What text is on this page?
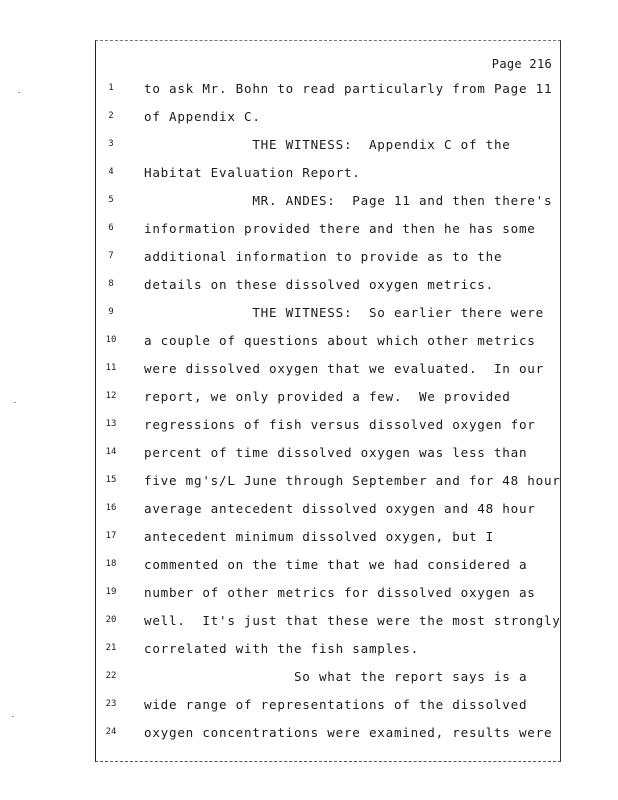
Page 216
1	to ask Mr. Bohn to read particularly from Page 11
2	of Appendix C.
3	THE WITNESS:  Appendix C of the
4	Habitat Evaluation Report.
5	MR. ANDES:  Page 11 and then there's
6	information provided there and then he has some
7	additional information to provide as to the
8	details on these dissolved oxygen metrics.
9	THE WITNESS:  So earlier there were
10	a couple of questions about which other metrics
11	were dissolved oxygen that we evaluated.  In our
12	report, we only provided a few.  We provided
13	regressions of fish versus dissolved oxygen for
14	percent of time dissolved oxygen was less than
15	five mg's/L June through September and for 48 hour
16	average antecedent dissolved oxygen and 48 hour
17	antecedent minimum dissolved oxygen, but I
18	commented on the time that we had considered a
19	number of other metrics for dissolved oxygen as
20	well.  It's just that these were the most strongly
21	correlated with the fish samples.
22	So what the report says is a
23	wide range of representations of the dissolved
24	oxygen concentrations were examined, results were
